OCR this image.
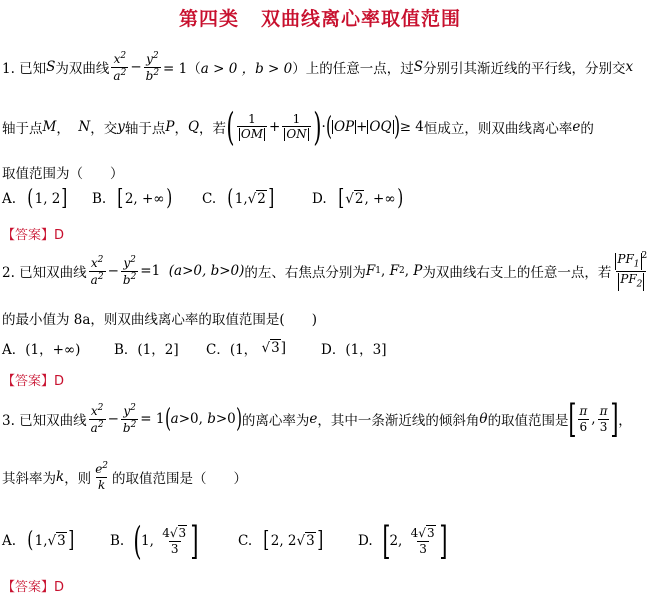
第四类 双曲线离心率取值范围
1. 已知 S 为双曲线 $\frac{x^2}{a^2} - \frac{y^2}{b^2} = 1$（ a > 0 ，b > 0 ）上的任意一点，过 S 分别引其渐近线的平行线，分别交 x
轴于点 M ， N ，交 y 轴于点 P ， Q ，若 ( $\frac{1}{OM} + \frac{1}{ON}$ ) · ( OP + OQ ) ≥ 4 恒成立，则双曲线离心率 e 的
取值范围为（　　）
A. ( 1, 2 ] B. [ 2, +∞ ) C. ( 1, √2 ]	D. [ √2 , +∞ )
【答案】D
2. 已知双曲线 $\frac{x^2}{a^2} - \frac{y^2}{b^2} =1$ (a>0, b>0) 的左、右焦点分别为 F 1 , F 2 , P 为双曲线右支上的任意一点，若 $\frac{PF_1^2}{PF_2}$
的最小值为 8a，则双曲线离心率的取值范围是(　　)
A．(1，+∞)	B．(1，2]	C．(1，
√3 ]	D．(1，3]
【答案】D
3. 已知双曲线 $\frac{x^2}{a^2} - \frac{y^2}{b^2} = 1$ ( a >0, b >0 ) 的离心率为 e ，其中一条渐近线的倾斜角 θ 的取值范围是 [ $\frac{\pi}{6}$ , $\frac{\pi}{3}$ ] ，
其斜率为 k ，则 $\frac{e^2}{k}$ 的取值范围是（　　）
A. ( 1, √3 ]	B. ( 1, $\frac{4√3}{3}$ ]	C. [ 2, 2 √3 ]	D. [ 2, $\frac{4√3}{3}$ ]
【答案】D
